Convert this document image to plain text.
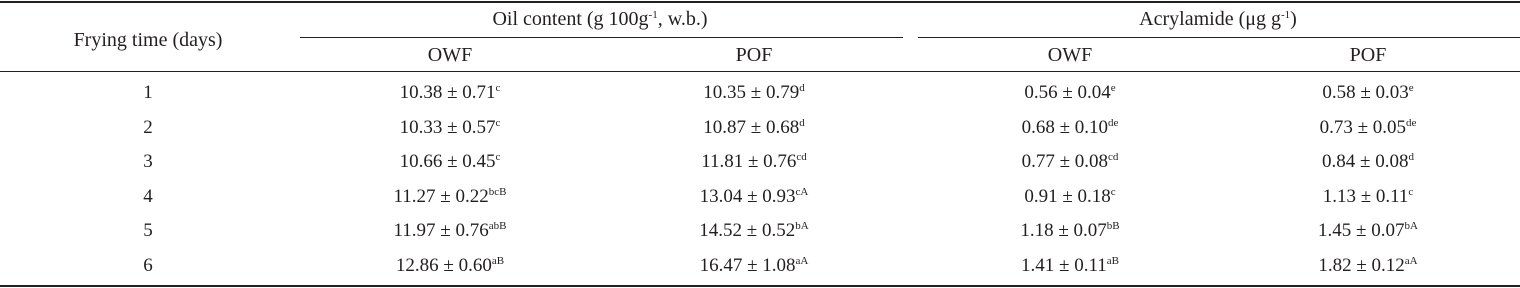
Frying time (days)
Oil content (g $100g^{-1}$, w.b.)	Acrylamide (μg $g^{-1}$)
OWF	POF	OWF	POF
1	10.38 ± 0.71$^c$	10.35 ± 0.79$^d$	0.56 ± 0.04$^e$	0.58 ± 0.03$^e$
2	10.33 ± 0.57$^c$	10.87 ± 0.68$^d$	0.68 ± 0.10de	0.73 ± 0.05de
3	10.66 ± 0.45$^c$	11.81 ± 0.76$^{cd}$	0.77 ± 0.08$^{cd}$	0.84 ± 0.08$^d$
4	$11.27 \pm 0.22^{bcB}$	$13.04 \pm 0.93^{cA}$	0.91 ± 0.18$^c$	1.13 ± 0.11$^c$
5	$11.97 \pm 0.76^{abB}$	$14.52 \pm 0.52^{bA}$	$1.18 \pm 0.07^{bB}$	$1.45 \pm 0.07^{bA}$
6	$12.86 \pm 0.60^{aB}$	$16.47 \pm 1.08^{aA}$	$1.41 \pm 0.11^{aB}$	$1.82 \pm 0.12^{aA}$
